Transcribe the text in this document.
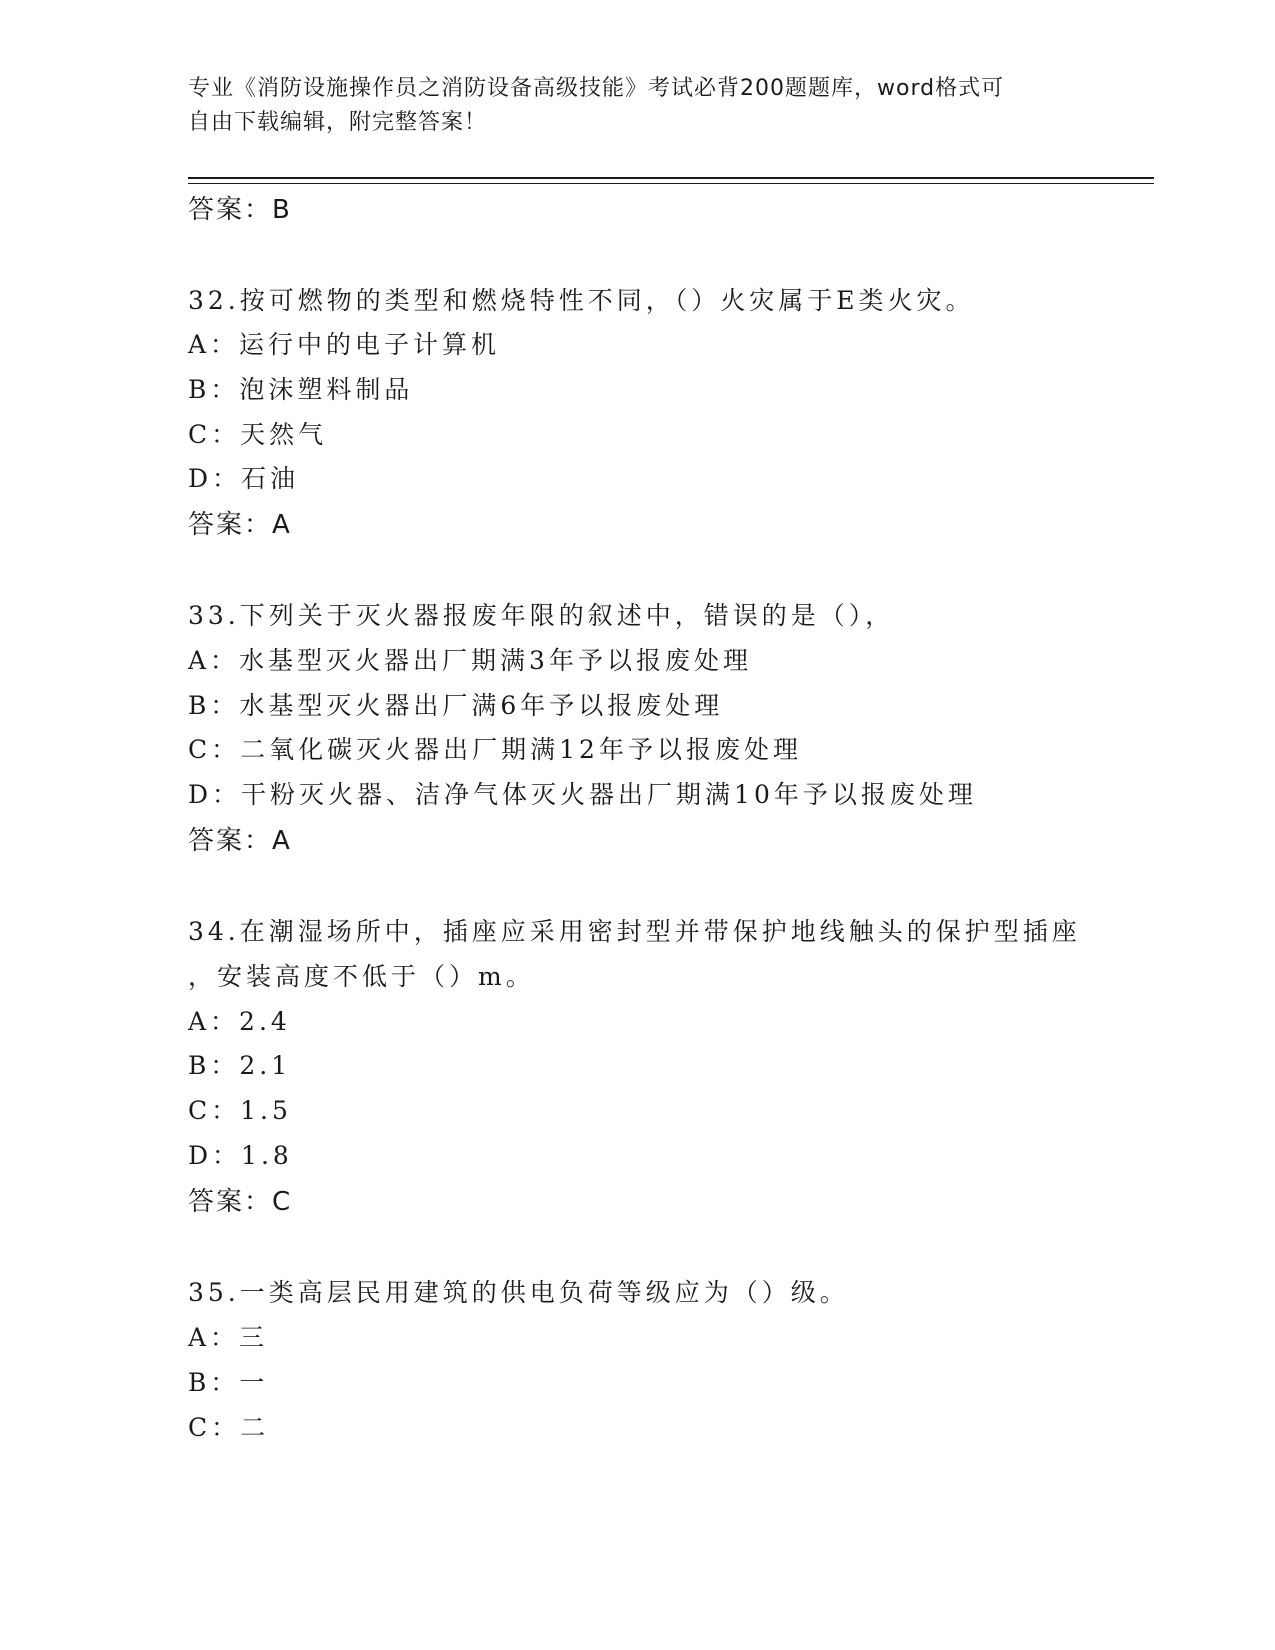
专业《消防设施操作员之消防设备高级技能》考试必背200题题库，word格式可
自由下载编辑，附完整答案！
答案：B
32.按可燃物的类型和燃烧特性不同，（）火灾属于E类火灾。
A：运行中的电子计算机
B：泡沫塑料制品
C：天然气
D：石油
答案：A
33.下列关于灭火器报废年限的叙述中，错误的是（），
A：水基型灭火器出厂期满3年予以报废处理
B：水基型灭火器出厂满6年予以报废处理
C：二氧化碳灭火器出厂期满12年予以报废处理
D：干粉灭火器、洁净气体灭火器出厂期满10年予以报废处理
答案：A
34.在潮湿场所中，插座应采用密封型并带保护地线触头的保护型插座
，安装高度不低于（）m。
A：2.4
B：2.1
C：1.5
D：1.8
答案：C
35.一类高层民用建筑的供电负荷等级应为（）级。
A：三
B：一
C：二
